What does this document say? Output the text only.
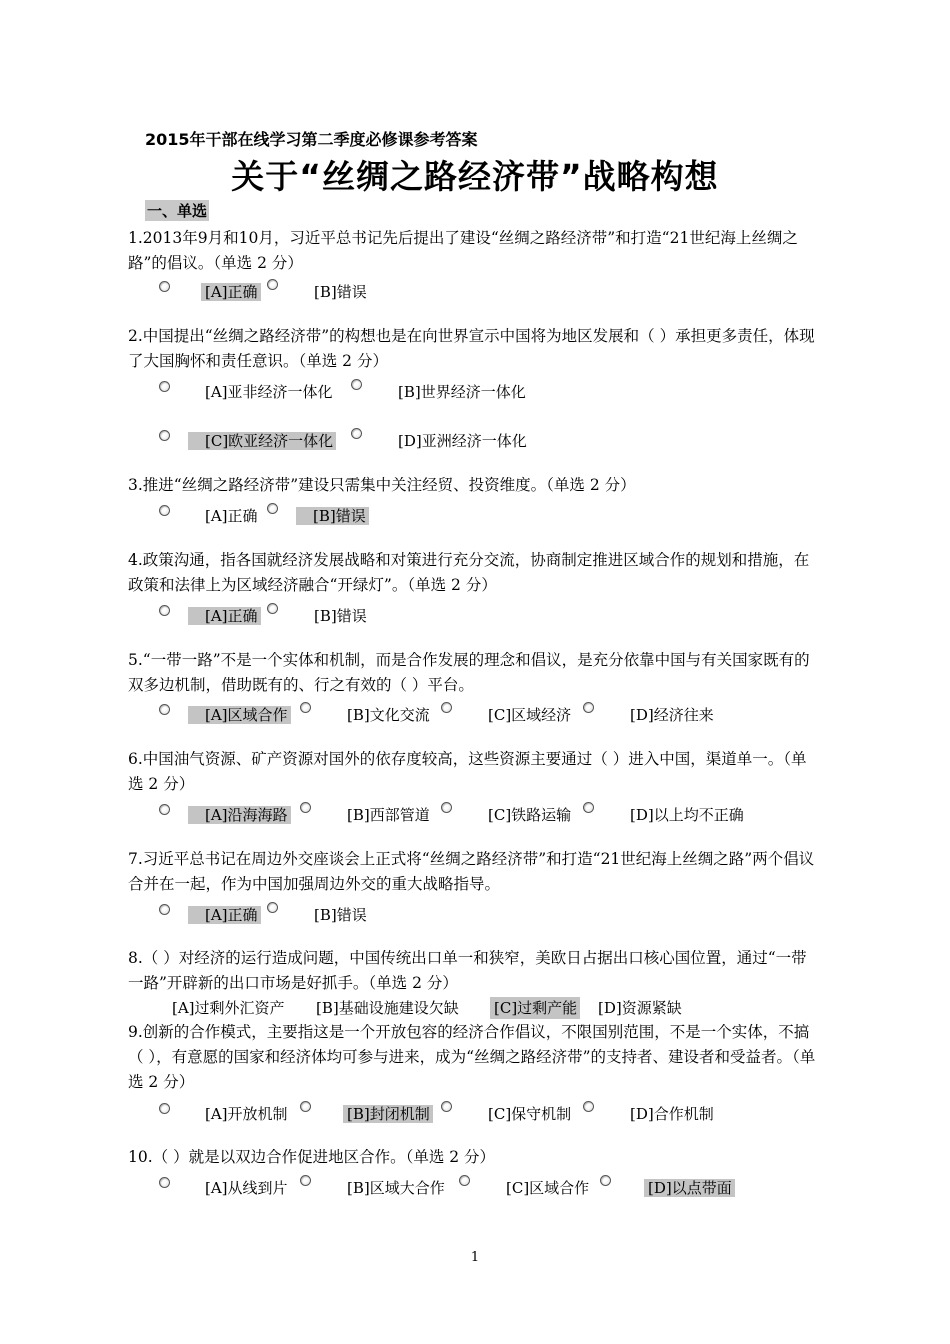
2015年干部在线学习第二季度必修课参考答案
关于“丝绸之路经济带”战略构想
一、单选
1.2013年9月和10月，习近平总书记先后提出了建设“丝绸之路经济带”和打造“21世纪海上丝绸之路”的倡议。（单选 2 分）
[A]正确	[B]错误
2.中国提出“丝绸之路经济带”的构想也是在向世界宣示中国将为地区发展和（ ）承担更多责任，体现了大国胸怀和责任意识。（单选 2 分）
[A]亚非经济一体化	[B]世界经济一体化
[C]欧亚经济一体化	[D]亚洲经济一体化
3.推进“丝绸之路经济带”建设只需集中关注经贸、投资维度。（单选 2 分）
[A]正确	[B]错误
4.政策沟通，指各国就经济发展战略和对策进行充分交流，协商制定推进区域合作的规划和措施，在政策和法律上为区域经济融合“开绿灯”。（单选 2 分）
[A]正确	[B]错误
5.“一带一路”不是一个实体和机制，而是合作发展的理念和倡议，是充分依靠中国与有关国家既有的双多边机制，借助既有的、行之有效的（ ）平台。
[A]区域合作	[B]文化交流	[C]区域经济	[D]经济往来
6.中国油气资源、矿产资源对国外的依存度较高，这些资源主要通过（ ）进入中国，渠道单一。（单选 2 分）
[A]沿海海路	[B]西部管道	[C]铁路运输	[D]以上均不正确
7.习近平总书记在周边外交座谈会上正式将“丝绸之路经济带”和打造“21世纪海上丝绸之路”两个倡议合并在一起，作为中国加强周边外交的重大战略指导。
[A]正确	[B]错误
8.（ ）对经济的运行造成问题，中国传统出口单一和狭窄，美欧日占据出口核心国位置，通过“一带一路”开辟新的出口市场是好抓手。（单选 2 分）
[A]过剩外汇资产 [B]基础设施建设欠缺 [C]过剩产能 [D]资源紧缺
9.创新的合作模式，主要指这是一个开放包容的经济合作倡议，不限国别范围，不是一个实体，不搞（ ），有意愿的国家和经济体均可参与进来，成为“丝绸之路经济带”的支持者、建设者和受益者。（单选 2 分）
[A]开放机制	[B]封闭机制	[C]保守机制	[D]合作机制
10.（ ）就是以双边合作促进地区合作。（单选 2 分）
[A]从线到片	[B]区域大合作	[C]区域合作	[D]以点带面
1
